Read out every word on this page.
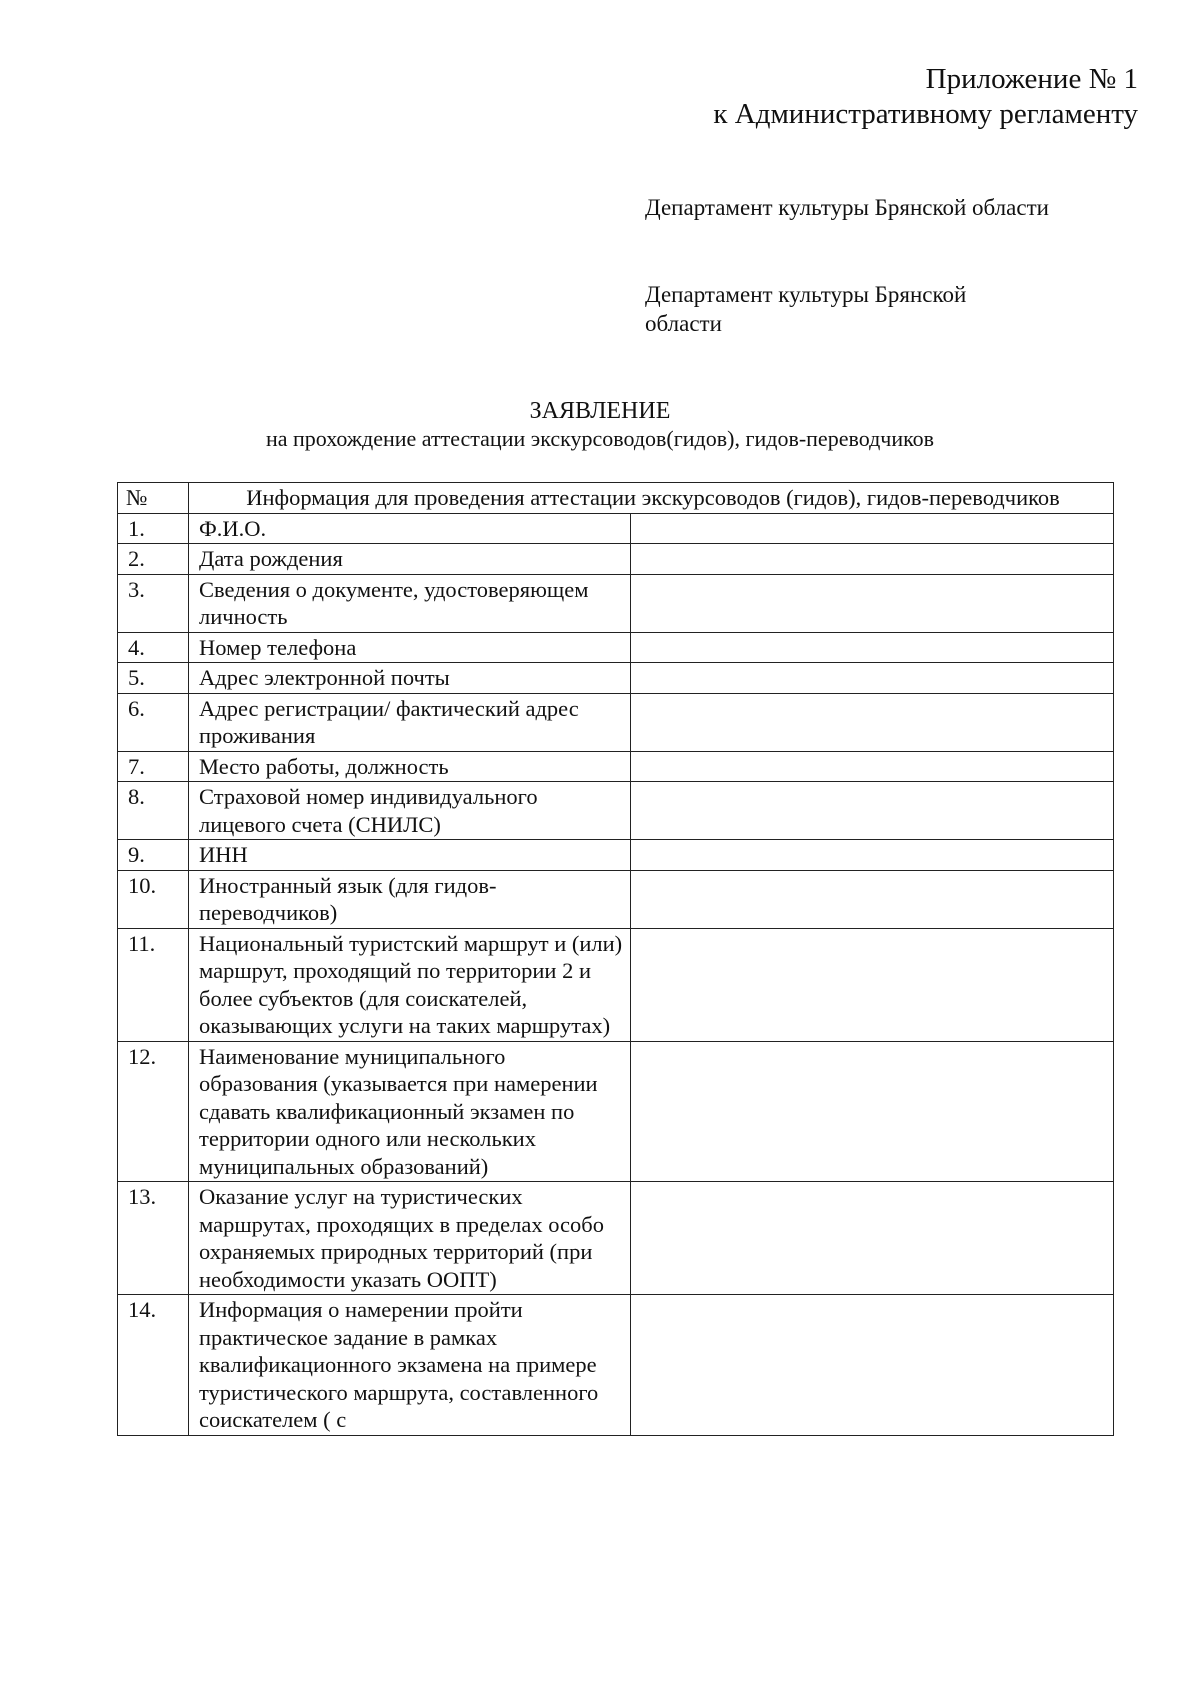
Приложение № 1
к Административному регламенту
Департамент культуры Брянской области
Департамент культуры Брянской области
ЗАЯВЛЕНИЕ
на прохождение аттестации экскурсоводов(гидов), гидов-переводчиков
№	Информация для проведения аттестации экскурсоводов (гидов), гидов-переводчиков	
1.	Ф.И.О.	
2.	Дата рождения	
3.	Сведения о документе, удостоверяющем личность	
4.	Номер телефона	
5.	Адрес электронной почты	
6.	Адрес регистрации/ фактический адрес проживания	
7.	Место работы, должность	
8.	Страховой номер индивидуального лицевого счета (СНИЛС)	
9.	ИНН	
10.	Иностранный язык (для гидов-переводчиков)	
11.	Национальный туристский маршрут и (или) маршрут, проходящий по территории 2 и более субъектов (для соискателей, оказывающих услуги на таких маршрутах)	
12.	Наименование муниципального образования (указывается при намерении сдавать квалификационный экзамен по территории одного или нескольких муниципальных образований)	
13.	Оказание услуг на туристических маршрутах, проходящих в пределах особо охраняемых природных территорий (при необходимости указать ООПТ)	
14.	Информация о намерении пройти практическое задание в рамках квалификационного экзамена на примере туристического маршрута, составленного соискателем ( с	
